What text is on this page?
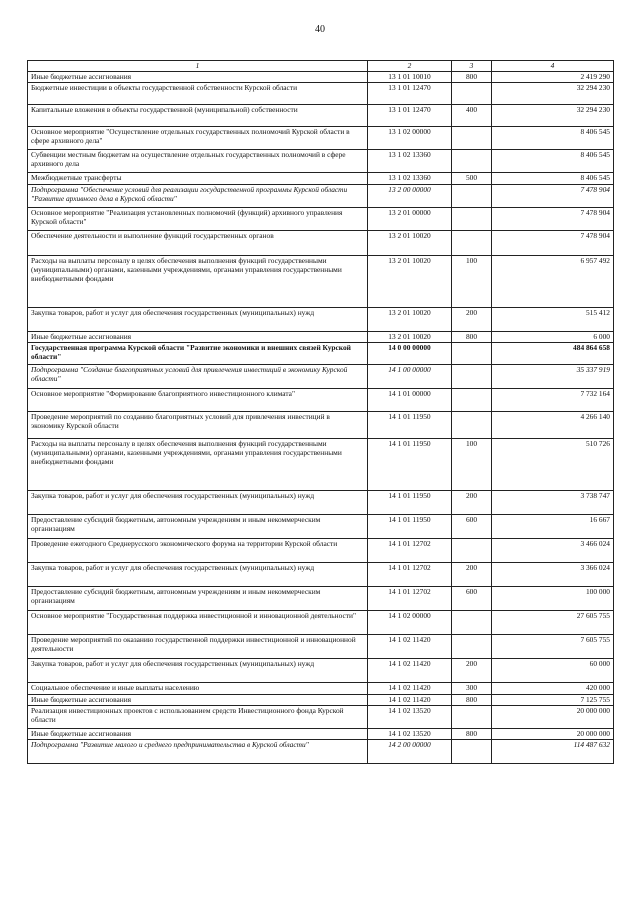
40
1	2	3	4
Иные бюджетные ассигнования	13 1 01 10010	800	2 419 290
Бюджетные инвестиции в объекты государственной собственности Курской области	13 1 01 12470		32 294 230
Капитальные вложения в объекты государственной (муниципальной) собственности	13 1 01 12470	400	32 294 230
Основное мероприятие "Осуществление отдельных государственных полномочий Курской области в сфере архивного дела"	13 1 02 00000		8 406 545
Субвенции местным бюджетам на осуществление отдельных государственных полномочий в сфере архивного дела	13 1 02 13360		8 406 545
Межбюджетные трансферты	13 1 02 13360	500	8 406 545
Подпрограмма "Обеспечение условий для реализации государственной программы Курской области "Развитие архивного дела в Курской области"	13 2 00 00000		7 478 904
Основное мероприятие "Реализация установленных полномочий (функций) архивного управления Курской области"	13 2 01 00000		7 478 904
Обеспечение деятельности и выполнение функций государственных органов	13 2 01 10020		7 478 904
Расходы на выплаты персоналу в целях обеспечения выполнения функций государственными (муниципальными) органами, казенными учреждениями, органами управления государственными внебюджетными фондами	13 2 01 10020	100	6 957 492
Закупка товаров, работ и услуг для обеспечения государственных (муниципальных) нужд	13 2 01 10020	200	515 412
Иные бюджетные ассигнования	13 2 01 10020	800	6 000
Государственная программа Курской области "Развитие экономики и внешних связей Курской области"	14 0 00 00000		484 864 658
Подпрограмма "Создание благоприятных условий для привлечения инвестиций в экономику Курской области"	14 1 00 00000		35 337 919
Основное мероприятие "Формирование благоприятного инвестиционного климата"	14 1 01 00000		7 732 164
Проведение мероприятий по созданию благоприятных условий для привлечения инвестиций в экономику Курской области	14 1 01 11950		4 266 140
Расходы на выплаты персоналу в целях обеспечения выполнения функций государственными (муниципальными) органами, казенными учреждениями, органами управления государственными внебюджетными фондами	14 1 01 11950	100	510 726
Закупка товаров, работ и услуг для обеспечения государственных (муниципальных) нужд	14 1 01 11950	200	3 738 747
Предоставление субсидий бюджетным, автономным учреждениям и иным некоммерческим организациям	14 1 01 11950	600	16 667
Проведение ежегодного Среднерусского экономического форума на территории Курской области	14 1 01 12702		3 466 024
Закупка товаров, работ и услуг для обеспечения государственных (муниципальных) нужд	14 1 01 12702	200	3 366 024
Предоставление субсидий бюджетным, автономным учреждениям и иным некоммерческим организациям	14 1 01 12702	600	100 000
Основное мероприятие "Государственная поддержка инвестиционной и инновационной деятельности"	14 1 02 00000		27 605 755
Проведение мероприятий по оказанию государственной поддержки инвестиционной и инновационной деятельности	14 1 02 11420		7 605 755
Закупка товаров, работ и услуг для обеспечения государственных (муниципальных) нужд	14 1 02 11420	200	60 000
Социальное обеспечение и иные выплаты населению	14 1 02 11420	300	420 000
Иные бюджетные ассигнования	14 1 02 11420	800	7 125 755
Реализация инвестиционных проектов с использованием средств Инвестиционного фонда Курской области	14 1 02 13520		20 000 000
Иные бюджетные ассигнования	14 1 02 13520	800	20 000 000
Подпрограмма "Развитие малого и среднего предпринимательства в Курской области"	14 2 00 00000		114 487 632
